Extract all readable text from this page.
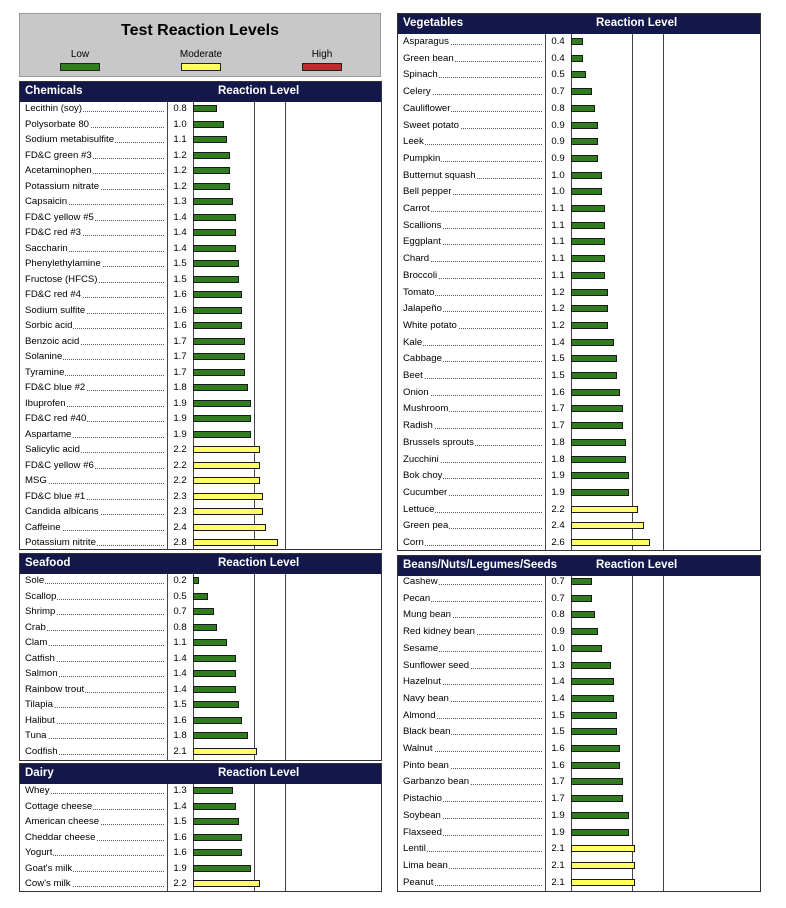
Test Reaction Levels
Low	Moderate	High
Chemicals	Reaction Level
Lecithin (soy)	0.8
Polysorbate 80	1.0
Sodium metabisulfite	1.1
FD&C green #3	1.2
Acetaminophen	1.2
Potassium nitrate	1.2
Capsaicin	1.3
FD&C yellow #5	1.4
FD&C red #3	1.4
Saccharin	1.4
Phenylethylamine	1.5
Fructose (HFCS)	1.5
FD&C red #4	1.6
Sodium sulfite	1.6
Sorbic acid	1.6
Benzoic acid	1.7
Solanine	1.7
Tyramine	1.7
FD&C blue #2	1.8
Ibuprofen	1.9
FD&C red #40	1.9
Aspartame	1.9
Salicylic acid	2.2
FD&C yellow #6	2.2
MSG	2.2
FD&C blue #1	2.3
Candida albicans	2.3
Caffeine	2.4
Potassium nitrite	2.8
Seafood	Reaction Level
Sole	0.2
Scallop	0.5
Shrimp	0.7
Crab	0.8
Clam	1.1
Catfish	1.4
Salmon	1.4
Rainbow trout	1.4
Tilapia	1.5
Halibut	1.6
Tuna	1.8
Codfish	2.1
Dairy	Reaction Level
Whey	1.3
Cottage cheese	1.4
American cheese	1.5
Cheddar cheese	1.6
Yogurt	1.6
Goat's milk	1.9
Cow's milk	2.2
Vegetables	Reaction Level
Asparagus	0.4
Green bean	0.4
Spinach	0.5
Celery	0.7
Cauliflower	0.8
Sweet potato	0.9
Leek	0.9
Pumpkin	0.9
Butternut squash	1.0
Bell pepper	1.0
Carrot	1.1
Scallions	1.1
Eggplant	1.1
Chard	1.1
Broccoli	1.1
Tomato	1.2
Jalapeño	1.2
White potato	1.2
Kale	1.4
Cabbage	1.5
Beet	1.5
Onion	1.6
Mushroom	1.7
Radish	1.7
Brussels sprouts	1.8
Zucchini	1.8
Bok choy	1.9
Cucumber	1.9
Lettuce	2.2
Green pea	2.4
Corn	2.6
Beans/Nuts/Legumes/Seeds	Reaction Level
Cashew	0.7
Pecan	0.7
Mung bean	0.8
Red kidney bean	0.9
Sesame	1.0
Sunflower seed	1.3
Hazelnut	1.4
Navy bean	1.4
Almond	1.5
Black bean	1.5
Walnut	1.6
Pinto bean	1.6
Garbanzo bean	1.7
Pistachio	1.7
Soybean	1.9
Flaxseed	1.9
Lentil	2.1
Lima bean	2.1
Peanut	2.1
